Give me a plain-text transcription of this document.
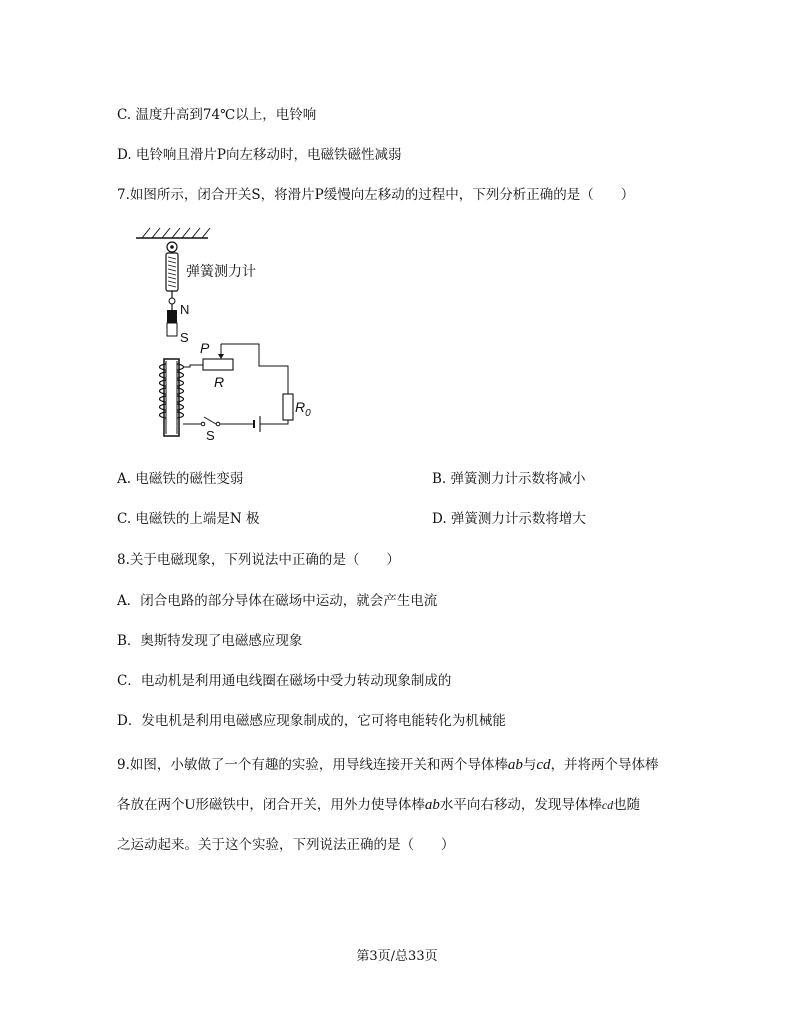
C. 温度升高到74℃以上，电铃响
D. 电铃响且滑片P向左移动时，电磁铁磁性减弱
7.如图所示，闭合开关S，将滑片P缓慢向左移动的过程中，下列分析正确的是（　　）
弹簧测力计
N
S
P
R
$R_0$
S
A. 电磁铁的磁性变弱	B. 弹簧测力计示数将减小
C. 电磁铁的上端是N 极	D. 弹簧测力计示数将增大
8.关于电磁现象，下列说法中正确的是（　　）
A．闭合电路的部分导体在磁场中运动，就会产生电流
B．奥斯特发现了电磁感应现象
C．电动机是利用通电线圈在磁场中受力转动现象制成的
D．发电机是利用电磁感应现象制成的，它可将电能转化为机械能
9.如图，小敏做了一个有趣的实验，用导线连接开关和两个导体棒ab与cd，并将两个导体棒
各放在两个U形磁铁中，闭合开关，用外力使导体棒ab水平向右移动，发现导体棒cd也随
之运动起来。关于这个实验，下列说法正确的是（　　）
第3页/总33页
